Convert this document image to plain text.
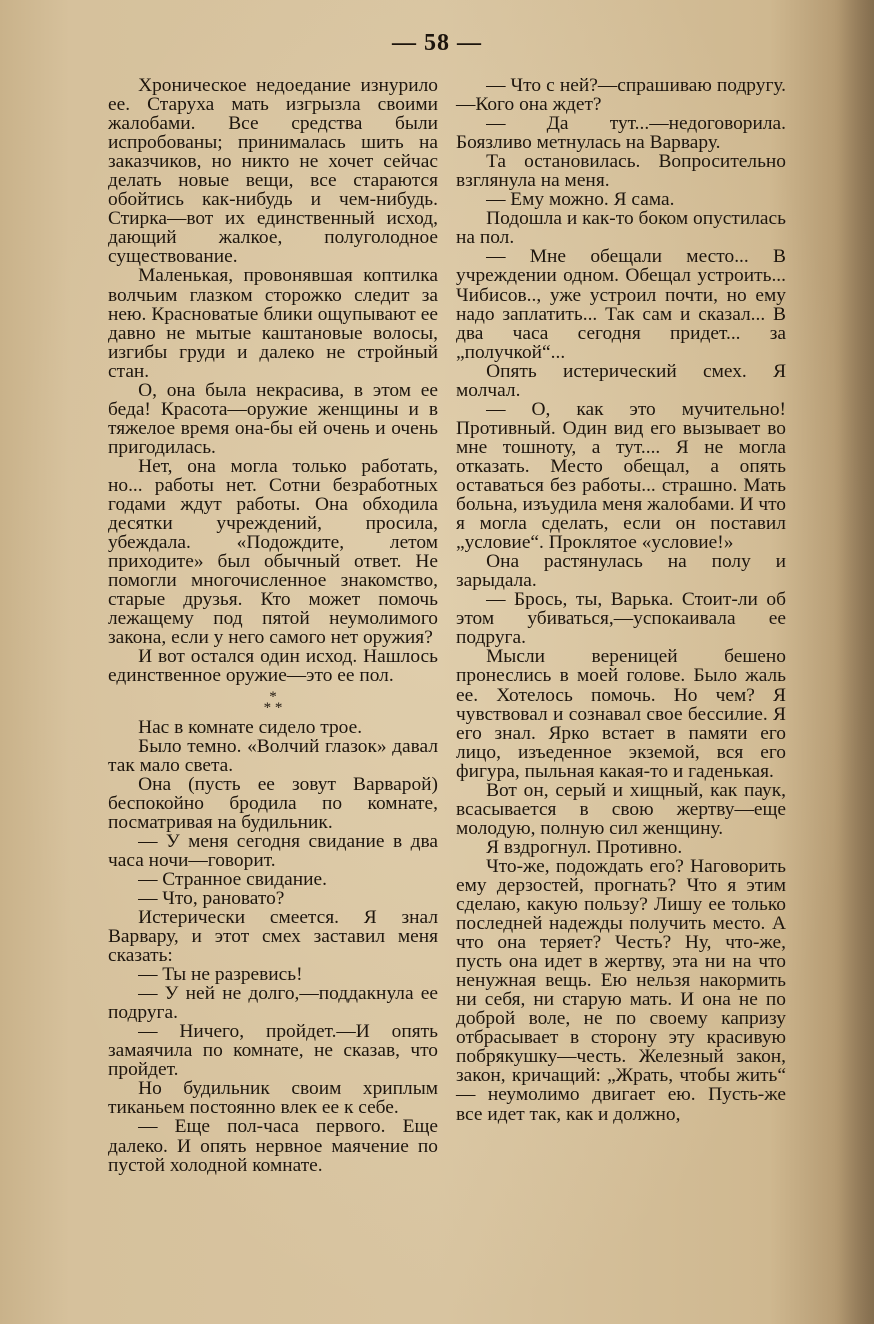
— 58 —

Хроническое недоедание изнурило ее. Старуха мать изгрызла своими жалобами. Все средства были испробованы; принималась шить на заказчиков, но никто не хочет сейчас делать новые вещи, все стараются обойтись как-нибудь и чем-нибудь. Стирка—вот их единственный исход, дающий жалкое, полуголодное существование.

Маленькая, провонявшая коптилка волчьим глазком сторожко следит за нею. Красноватые блики ощупывают ее давно не мытые каштановые волосы, изгибы груди и далеко не стройный стан.

О, она была некрасива, в этом ее беда! Красота—оружие женщины и в тяжелое время она-бы ей очень и очень пригодилась.

Нет, она могла только работать, но... работы нет. Сотни безработных годами ждут работы. Она обходила десятки учреждений, просила, убеждала. «Подождите, летом приходите» был обычный ответ. Не помогли многочисленное знакомство, старые друзья. Кто может помочь лежащему под пятой неумолимого закона, если у него самого нет оружия?

И вот остался один исход. Нашлось единственное оружие—это ее пол.

*
* *

Нас в комнате сидело трое.

Было темно. «Волчий глазок» давал так мало света.

Она (пусть ее зовут Варварой) беспокойно бродила по комнате, посматривая на будильник.

— У меня сегодня свидание в два часа ночи—говорит.

— Странное свидание.

— Что, рановато?

Истерически смеется. Я знал Варвару, и этот смех заставил меня сказать:

— Ты не разревись!

— У ней не долго,—поддакнула ее подруга.

— Ничего, пройдет.—И опять замаячила по комнате, не сказав, что пройдет.

Но будильник своим хриплым тиканьем постоянно влек ее к себе.

— Еще пол-часа первого. Еще далеко. И опять нервное маячение по пустой холодной комнате.

— Что с ней?—спрашиваю подругу.—Кого она ждет?

— Да тут...—недоговорила. Боязливо метнулась на Варвару.

Та остановилась. Вопросительно взглянула на меня.

— Ему можно. Я сама.

Подошла и как-то боком опустилась на пол.

— Мне обещали место... В учреждении одном. Обещал устроить... Чибисов.., уже устроил почти, но ему надо заплатить... Так сам и сказал... В два часа сегодня придет... за „получкой“...

Опять истерический смех. Я молчал.

— О, как это мучительно! Противный. Один вид его вызывает во мне тошноту, а тут.... Я не могла отказать. Место обещал, а опять оставаться без работы... страшно. Мать больна, изъудила меня жалобами. И что я могла сделать, если он поставил „условие“. Проклятое «условие!»

Она растянулась на полу и зарыдала.

— Брось, ты, Варька. Стоит-ли об этом убиваться,—успокаивала ее подруга.

Мысли вереницей бешено пронеслись в моей голове. Было жаль ее. Хотелось помочь. Но чем? Я чувствовал и сознавал свое бессилие. Я его знал. Ярко встает в памяти его лицо, изъеденное экземой, вся его фигура, пыльная какая-то и гаденькая.

Вот он, серый и хищный, как паук, всасывается в свою жертву—еще молодую, полную сил женщину.

Я вздрогнул. Противно.

Что-же, подождать его? Наговорить ему дерзостей, прогнать? Что я этим сделаю, какую пользу? Лишу ее только последней надежды получить место. А что она теряет? Честь? Ну, что-же, пусть она идет в жертву, эта ни на что ненужная вещь. Ею нельзя накормить ни себя, ни старую мать. И она не по доброй воле, не по своему капризу отбрасывает в сторону эту красивую побрякушку—честь. Железный закон, закон, кричащий: „Жрать, чтобы жить“ — неумолимо двигает ею. Пусть-же все идет так, как и должно,
